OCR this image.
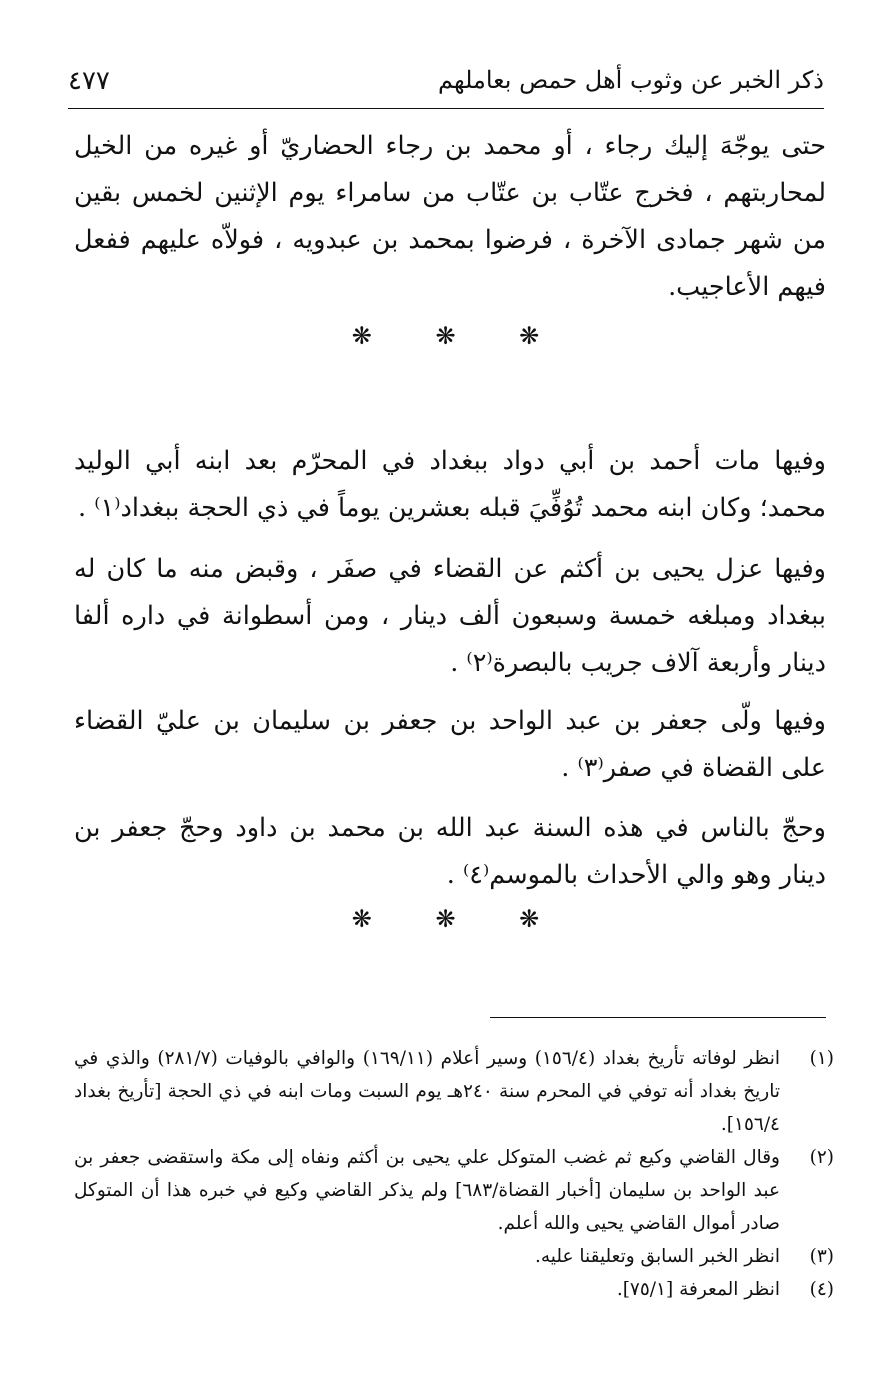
ذكر الخبر عن وثوب أهل حمص بعاملهم
٤٧٧

حتى يوجّهَ إليك رجاء ، أو محمد بن رجاء الحضاريّ أو غيره من الخيل لمحاربتهم ، فخرج عتّاب بن عتّاب من سامراء يوم الإثنين لخمس بقين من شهر جمادى الآخرة ، فرضوا بمحمد بن عبدويه ، فولاّه عليهم ففعل فيهم الأعاجيب.

❋ ❋ ❋

وفيها مات أحمد بن أبي دواد ببغداد في المحرّم بعد ابنه أبي الوليد محمد؛ وكان ابنه محمد تُوُفِّيَ قبله بعشرين يوماً في ذي الحجة ببغداد⁽١⁾ .

وفيها عزل يحيى بن أكثم عن القضاء في صفَر ، وقبض منه ما كان له ببغداد ومبلغه خمسة وسبعون ألف دينار ، ومن أسطوانة في داره ألفا دينار وأربعة آلاف جريب بالبصرة⁽٢⁾ .

وفيها ولّى جعفر بن عبد الواحد بن جعفر بن سليمان بن عليّ القضاء على القضاة في صفر⁽٣⁾ .

وحجّ بالناس في هذه السنة عبد الله بن محمد بن داود وحجّ جعفر بن دينار وهو والي الأحداث بالموسم⁽٤⁾ .

❋ ❋ ❋

(١)
انظر لوفاته تأريخ بغداد (١٥٦/٤) وسير أعلام (١٦٩/١١) والوافي بالوفيات (٢٨١/٧) والذي في تاريخ بغداد أنه توفي في المحرم سنة ٢٤٠هـ يوم السبت ومات ابنه في ذي الحجة [تأريخ بغداد ١٥٦/٤].

(٢)
وقال القاضي وكيع ثم غضب المتوكل علي يحيى بن أكثم ونفاه إلى مكة واستقضى جعفر بن عبد الواحد بن سليمان [أخبار القضاة/٦٨٣] ولم يذكر القاضي وكيع في خبره هذا أن المتوكل صادر أموال القاضي يحيى والله أعلم.

(٣)
انظر الخبر السابق وتعليقنا عليه.

(٤)
انظر المعرفة [٧٥/١].
